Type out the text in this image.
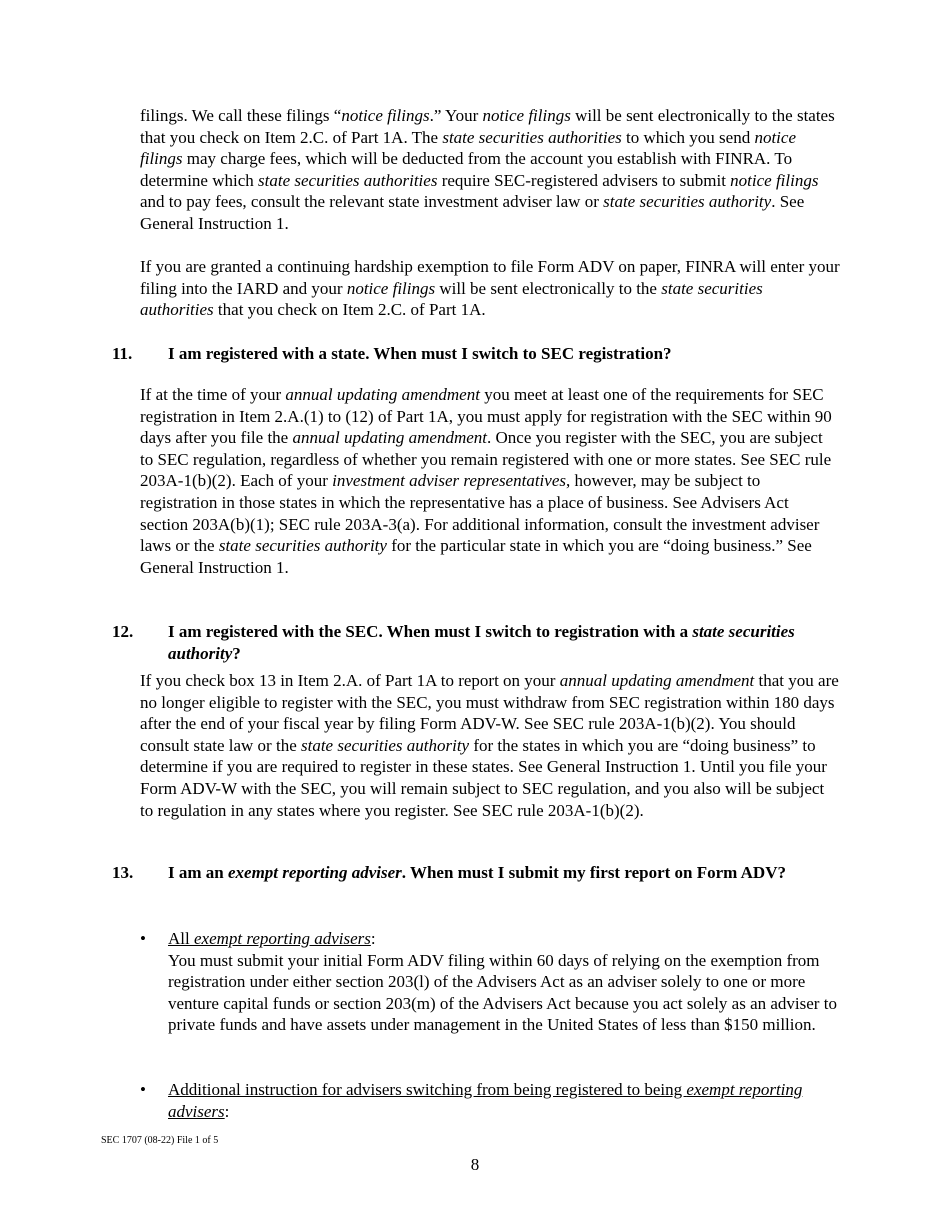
filings. We call these filings “notice filings.” Your notice filings will be sent electronically to the states that you check on Item 2.C. of Part 1A. The state securities authorities to which you send notice filings may charge fees, which will be deducted from the account you establish with FINRA. To determine which state securities authorities require SEC-registered advisers to submit notice filings and to pay fees, consult the relevant state investment adviser law or state securities authority. See General Instruction 1.
If you are granted a continuing hardship exemption to file Form ADV on paper, FINRA will enter your filing into the IARD and your notice filings will be sent electronically to the state securities authorities that you check on Item 2.C. of Part 1A.
11. I am registered with a state. When must I switch to SEC registration?
If at the time of your annual updating amendment you meet at least one of the requirements for SEC registration in Item 2.A.(1) to (12) of Part 1A, you must apply for registration with the SEC within 90 days after you file the annual updating amendment. Once you register with the SEC, you are subject to SEC regulation, regardless of whether you remain registered with one or more states. See SEC rule 203A-1(b)(2). Each of your investment adviser representatives, however, may be subject to registration in those states in which the representative has a place of business. See Advisers Act section 203A(b)(1); SEC rule 203A-3(a). For additional information, consult the investment adviser laws or the state securities authority for the particular state in which you are “doing business.” See General Instruction 1.
12. I am registered with the SEC. When must I switch to registration with a state securities authority?
If you check box 13 in Item 2.A. of Part 1A to report on your annual updating amendment that you are no longer eligible to register with the SEC, you must withdraw from SEC registration within 180 days after the end of your fiscal year by filing Form ADV-W. See SEC rule 203A-1(b)(2). You should consult state law or the state securities authority for the states in which you are “doing business” to determine if you are required to register in these states. See General Instruction 1. Until you file your Form ADV-W with the SEC, you will remain subject to SEC regulation, and you also will be subject to regulation in any states where you register. See SEC rule 203A-1(b)(2).
13. I am an exempt reporting adviser. When must I submit my first report on Form ADV?
• All exempt reporting advisers:
You must submit your initial Form ADV filing within 60 days of relying on the exemption from registration under either section 203(l) of the Advisers Act as an adviser solely to one or more venture capital funds or section 203(m) of the Advisers Act because you act solely as an adviser to private funds and have assets under management in the United States of less than $150 million.
• Additional instruction for advisers switching from being registered to being exempt reporting advisers:
SEC 1707 (08-22) File 1 of 5
8
